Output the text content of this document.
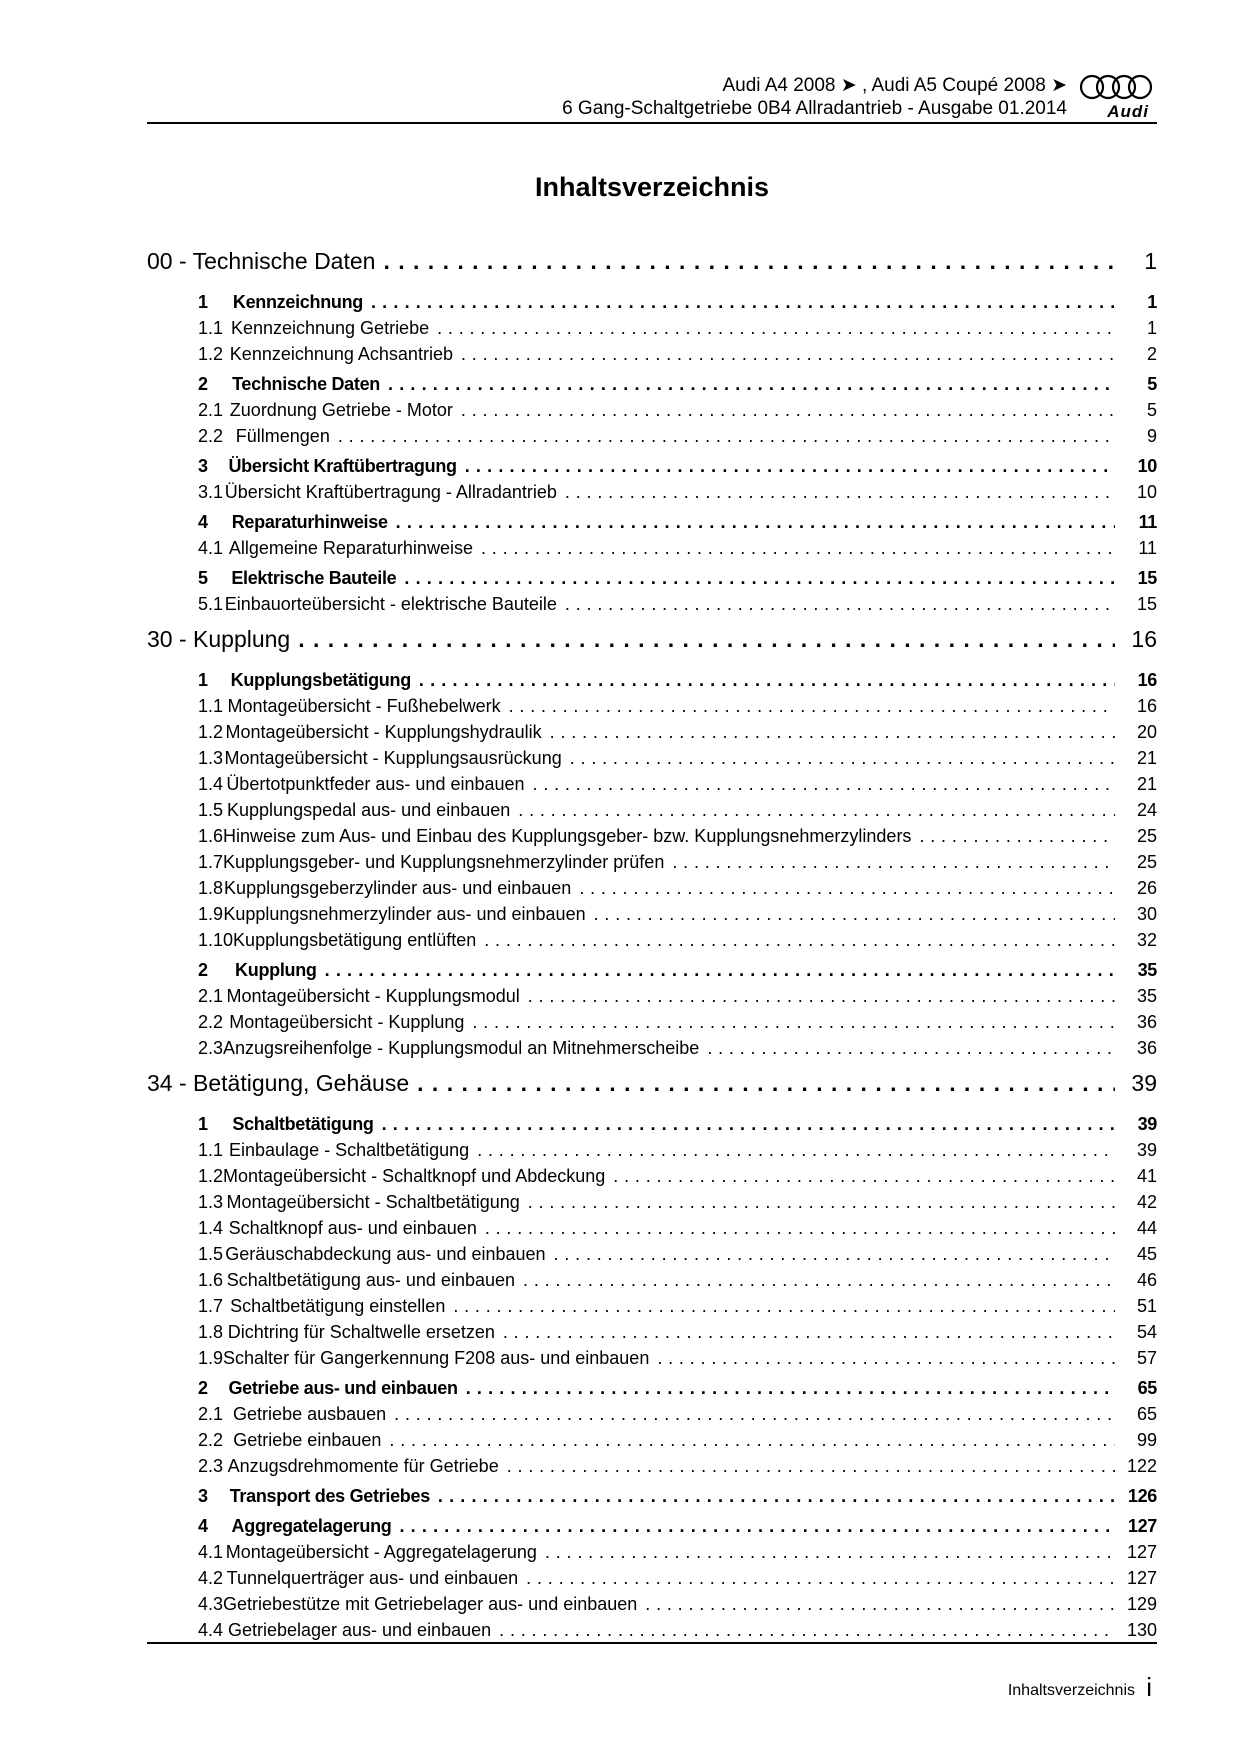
Audi A4 2008 ➤ , Audi A5 Coupé 2008 ➤
6 Gang-Schaltgetriebe 0B4 Allradantrieb - Ausgabe 01.2014 Audi
Inhaltsverzeichnis
00 - Technische Daten . . .	1
1	Kennzeichnung . . .	1
1.1 Kennzeichnung Getriebe . . .	1
1.2 Kennzeichnung Achsantrieb . . .	2
2	Technische Daten . . .	5
2.1 Zuordnung Getriebe - Motor . . .	5
2.2 Füllmengen . . .	9
3	Übersicht Kraftübertragung . . .	10
3.1 Übersicht Kraftübertragung - Allradantrieb . . .	10
4	Reparaturhinweise . . .	11
4.1 Allgemeine Reparaturhinweise . . .	11
5	Elektrische Bauteile . . .	15
5.1 Einbauorteübersicht - elektrische Bauteile . . .	15
30 - Kupplung . . .	16
1	Kupplungsbetätigung . . .	16
1.1 Montageübersicht - Fußhebelwerk . . .	16
1.2 Montageübersicht - Kupplungshydraulik . . .	20
1.3 Montageübersicht - Kupplungsausrückung . . .	21
1.4 Übertotpunktfeder aus- und einbauen . . .	21
1.5 Kupplungspedal aus- und einbauen . . .	24
1.6 Hinweise zum Aus- und Einbau des Kupplungsgeber- bzw. Kupplungsnehmerzylinders . . .	25
1.7 Kupplungsgeber- und Kupplungsnehmerzylinder prüfen . . .	25
1.8 Kupplungsgeberzylinder aus- und einbauen . . .	26
1.9 Kupplungsnehmerzylinder aus- und einbauen . . .	30
1.10 Kupplungsbetätigung entlüften . . .	32
2	Kupplung . . .	35
2.1 Montageübersicht - Kupplungsmodul . . .	35
2.2 Montageübersicht - Kupplung . . .	36
2.3 Anzugsreihenfolge - Kupplungsmodul an Mitnehmerscheibe . . .	36
34 - Betätigung, Gehäuse . . .	39
1	Schaltbetätigung . . .	39
1.1 Einbaulage - Schaltbetätigung . . .	39
1.2 Montageübersicht - Schaltknopf und Abdeckung . . .	41
1.3 Montageübersicht - Schaltbetätigung . . .	42
1.4 Schaltknopf aus- und einbauen . . .	44
1.5 Geräuschabdeckung aus- und einbauen . . .	45
1.6 Schaltbetätigung aus- und einbauen . . .	46
1.7 Schaltbetätigung einstellen . . .	51
1.8 Dichtring für Schaltwelle ersetzen . . .	54
1.9 Schalter für Gangerkennung F208 aus- und einbauen . . .	57
2	Getriebe aus- und einbauen . . .	65
2.1 Getriebe ausbauen . . .	65
2.2 Getriebe einbauen . . .	99
2.3 Anzugsdrehmomente für Getriebe . . .	122
3	Transport des Getriebes . . .	126
4	Aggregatelagerung . . .	127
4.1 Montageübersicht - Aggregatelagerung . . .	127
4.2 Tunnelquerträger aus- und einbauen . . .	127
4.3 Getriebestütze mit Getriebelager aus- und einbauen . . .	129
4.4 Getriebelager aus- und einbauen . . .	130
Inhaltsverzeichnis i
